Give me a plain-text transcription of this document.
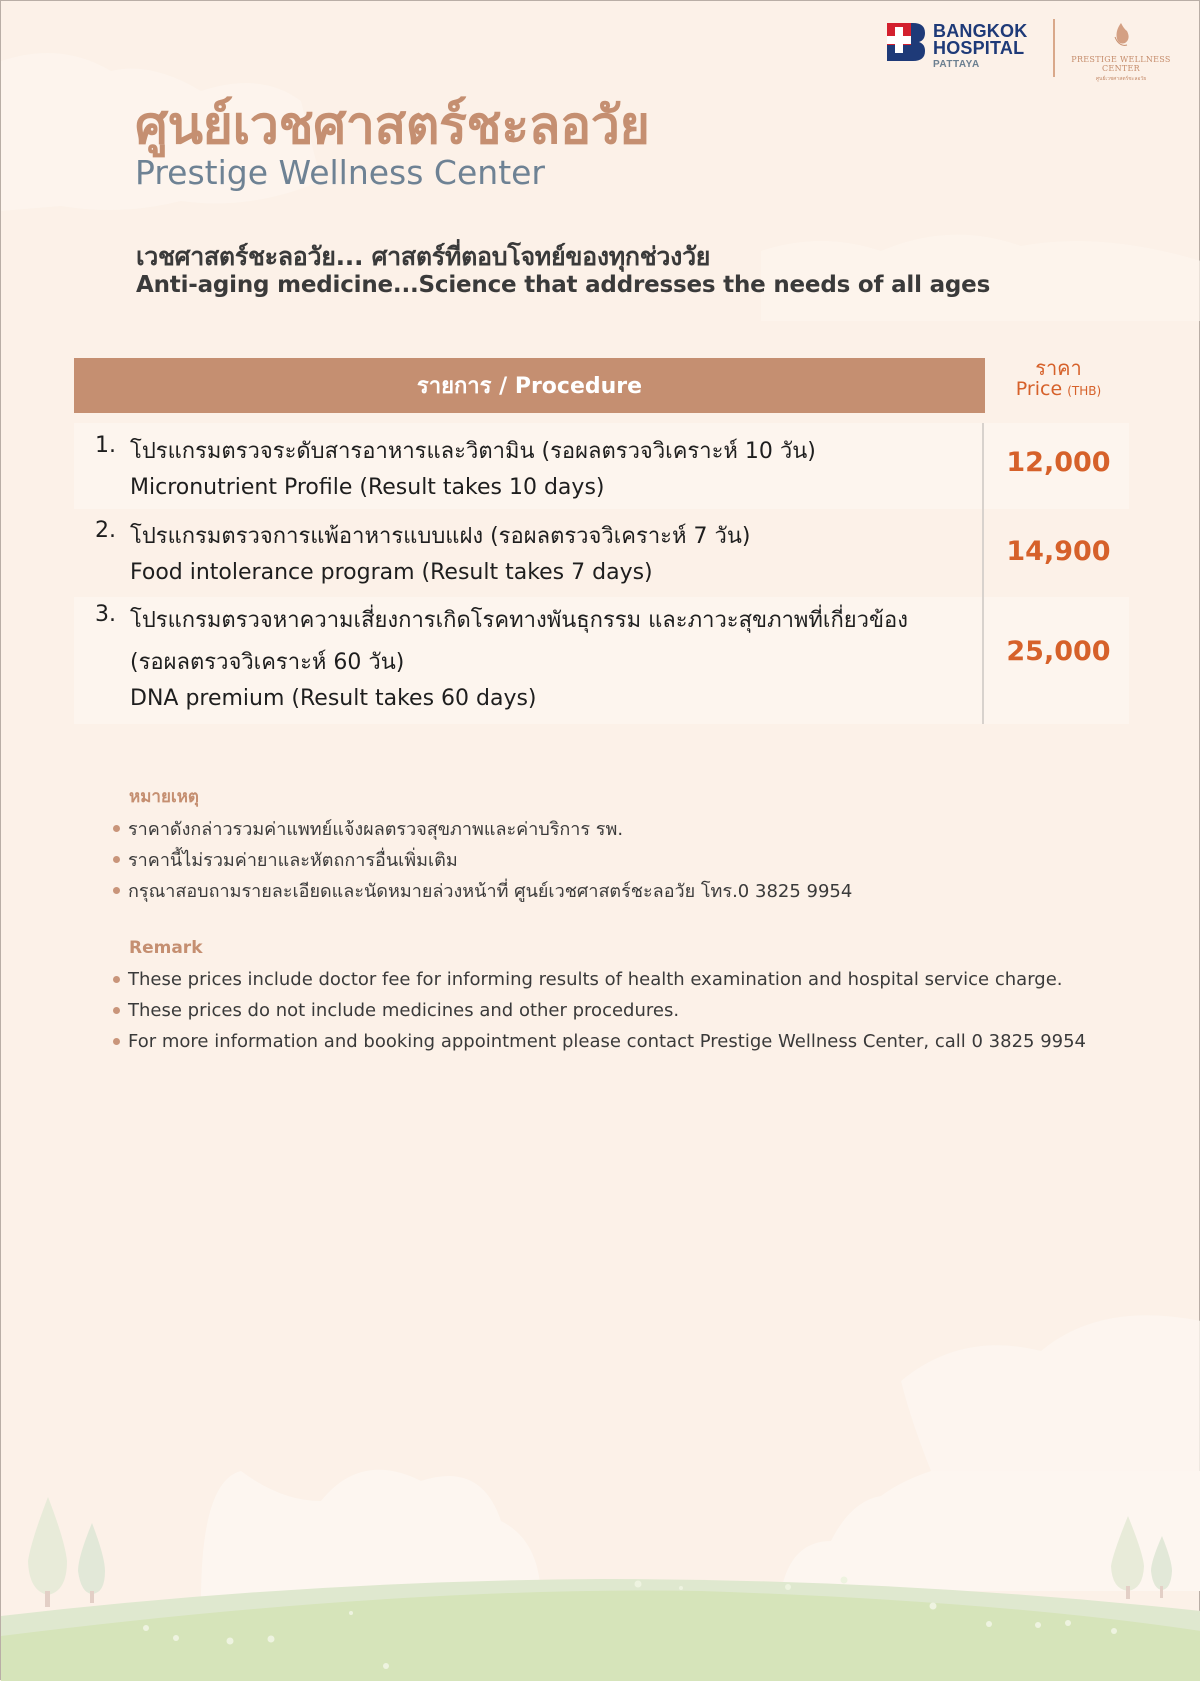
BANGKOK
HOSPITAL
PATTAYA	PRESTIGE WELLNESS CENTER
ศูนย์เวชศาสตร์ชะลอวัย
ศูนย์เวชศาสตร์ชะลอวัย
Prestige Wellness Center
เวชศาสตร์ชะลอวัย... ศาสตร์ที่ตอบโจทย์ของทุกช่วงวัย
Anti-aging medicine...Science that addresses the needs of all ages
รายการ / Procedure
ราคา
Price (THB)
1. โปรแกรมตรวจระดับสารอาหารและวิตามิน (รอผลตรวจวิเคราะห์ 10 วัน)
Micronutrient Profile (Result takes 10 days)
12,000
2. โปรแกรมตรวจการแพ้อาหารแบบแฝง (รอผลตรวจวิเคราะห์ 7 วัน)
Food intolerance program (Result takes 7 days)
14,900
3. โปรแกรมตรวจหาความเสี่ยงการเกิดโรคทางพันธุกรรม และภาวะสุขภาพที่เกี่ยวข้อง
(รอผลตรวจวิเคราะห์ 60 วัน)
DNA premium (Result takes 60 days)
25,000
หมายเหตุ
ราคาดังกล่าวรวมค่าแพทย์แจ้งผลตรวจสุขภาพและค่าบริการ รพ.
ราคานี้ไม่รวมค่ายาและหัตถการอื่นเพิ่มเติม
กรุณาสอบถามรายละเอียดและนัดหมายล่วงหน้าที่ ศูนย์เวชศาสตร์ชะลอวัย โทร.0 3825 9954
Remark
These prices include doctor fee for informing results of health examination and hospital service charge.
These prices do not include medicines and other procedures.
For more information and booking appointment please contact Prestige Wellness Center, call 0 3825 9954
